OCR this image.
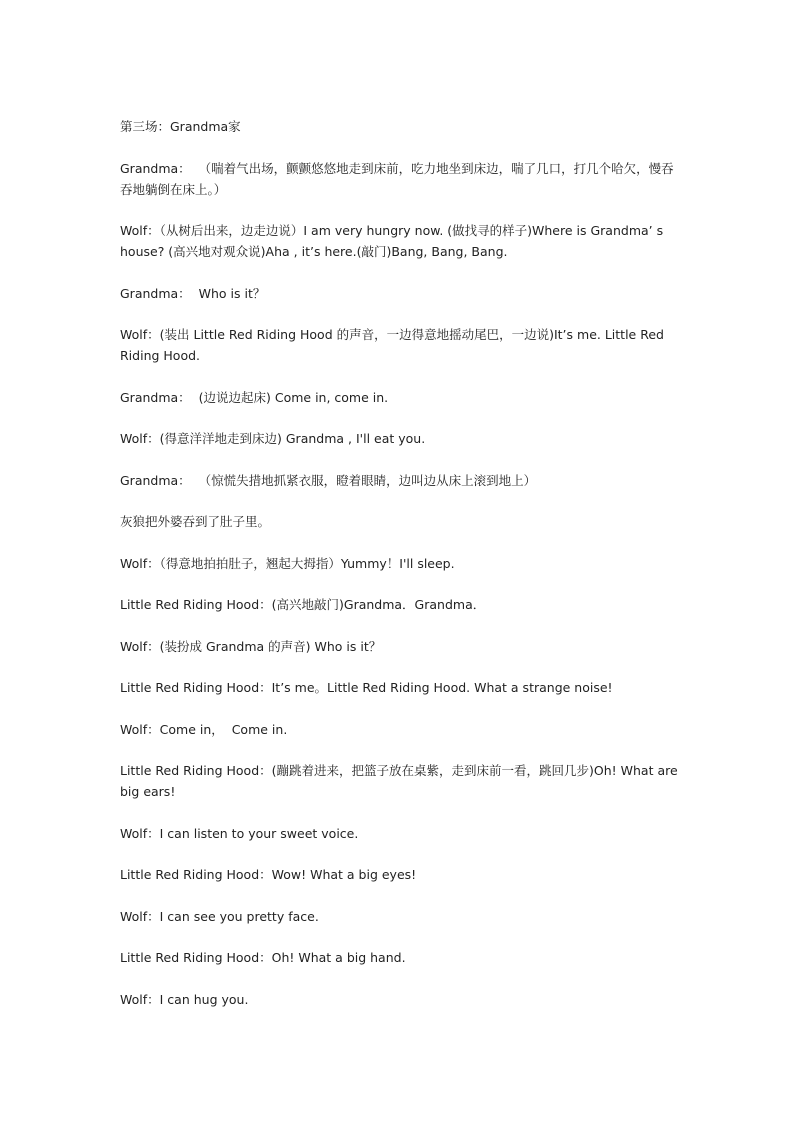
第三场：Grandma家

Grandma：  （喘着气出场，颤颤悠悠地走到床前，吃力地坐到床边，喘了几口，打几个哈欠，慢吞吞地躺倒在床上。）

Wolf：（从树后出来，边走边说）I am very hungry now. (做找寻的样子)Where is Grandma’ s house? (高兴地对观众说)Aha , it’s here.(敲门)Bang, Bang, Bang.

Grandma：  Who is it？

Wolf：(装出 Little Red Riding Hood 的声音，一边得意地摇动尾巴，一边说)It’s me. Little Red Riding Hood.

Grandma：  (边说边起床) Come in, come in.

Wolf：(得意洋洋地走到床边) Grandma , I'll eat you.

Grandma：  （惊慌失措地抓紧衣服，瞪着眼睛，边叫边从床上滚到地上）

灰狼把外婆吞到了肚子里。

Wolf：（得意地拍拍肚子，翘起大拇指）Yummy！I'll sleep.

Little Red Riding Hood：(高兴地敲门)Grandma．Grandma．

Wolf：(装扮成 Grandma 的声音) Who is it？

Little Red Riding Hood：It’s me。Little Red Riding Hood. What a strange noise!

Wolf：Come in，  Come in.

Little Red Riding Hood：(蹦跳着进来，把篮子放在桌紫，走到床前一看，跳回几步)Oh! What are big ears!

Wolf：I can listen to your sweet voice.

Little Red Riding Hood：Wow! What a big eyes!

Wolf：I can see you pretty face.

Little Red Riding Hood：Oh! What a big hand.

Wolf：I can hug you.
